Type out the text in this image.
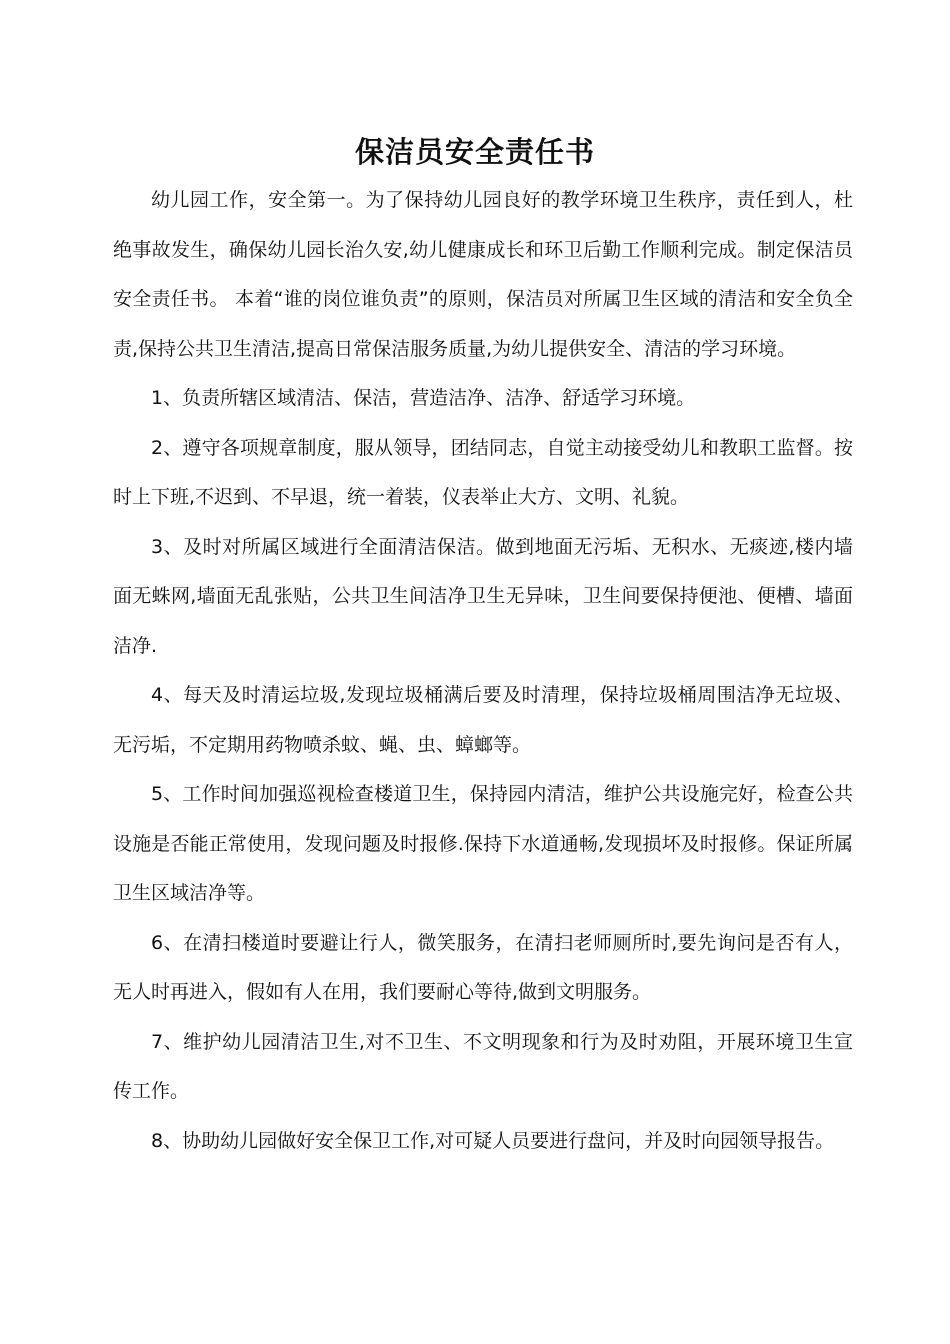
保洁员安全责任书

幼儿园工作，安全第一。为了保持幼儿园良好的教学环境卫生秩序，责任到人，杜绝事故发生，确保幼儿园长治久安,幼儿健康成长和环卫后勤工作顺利完成。制定保洁员安全责任书。 本着“谁的岗位谁负责”的原则，保洁员对所属卫生区域的清洁和安全负全责,保持公共卫生清洁,提高日常保洁服务质量,为幼儿提供安全、清洁的学习环境。

1、负责所辖区域清洁、保洁，营造洁净、洁净、舒适学习环境。

2、遵守各项规章制度，服从领导，团结同志，自觉主动接受幼儿和教职工监督。按时上下班,不迟到、不早退，统一着装，仪表举止大方、文明、礼貌。

3、及时对所属区域进行全面清洁保洁。做到地面无污垢、无积水、无痰迹,楼内墙面无蛛网,墙面无乱张贴，公共卫生间洁净卫生无异味，卫生间要保持便池、便槽、墙面洁净.

4、每天及时清运垃圾,发现垃圾桶满后要及时清理，保持垃圾桶周围洁净无垃圾、无污垢，不定期用药物喷杀蚊、蝇、虫、蟑螂等。

5、工作时间加强巡视检查楼道卫生，保持园内清洁，维护公共设施完好，检查公共设施是否能正常使用，发现问题及时报修.保持下水道通畅,发现损坏及时报修。保证所属卫生区域洁净等。

6、在清扫楼道时要避让行人，微笑服务，在清扫老师厕所时,要先询问是否有人，无人时再进入，假如有人在用，我们要耐心等待,做到文明服务。

7、维护幼儿园清洁卫生,对不卫生、不文明现象和行为及时劝阻，开展环境卫生宣传工作。

8、协助幼儿园做好安全保卫工作,对可疑人员要进行盘问，并及时向园领导报告。
